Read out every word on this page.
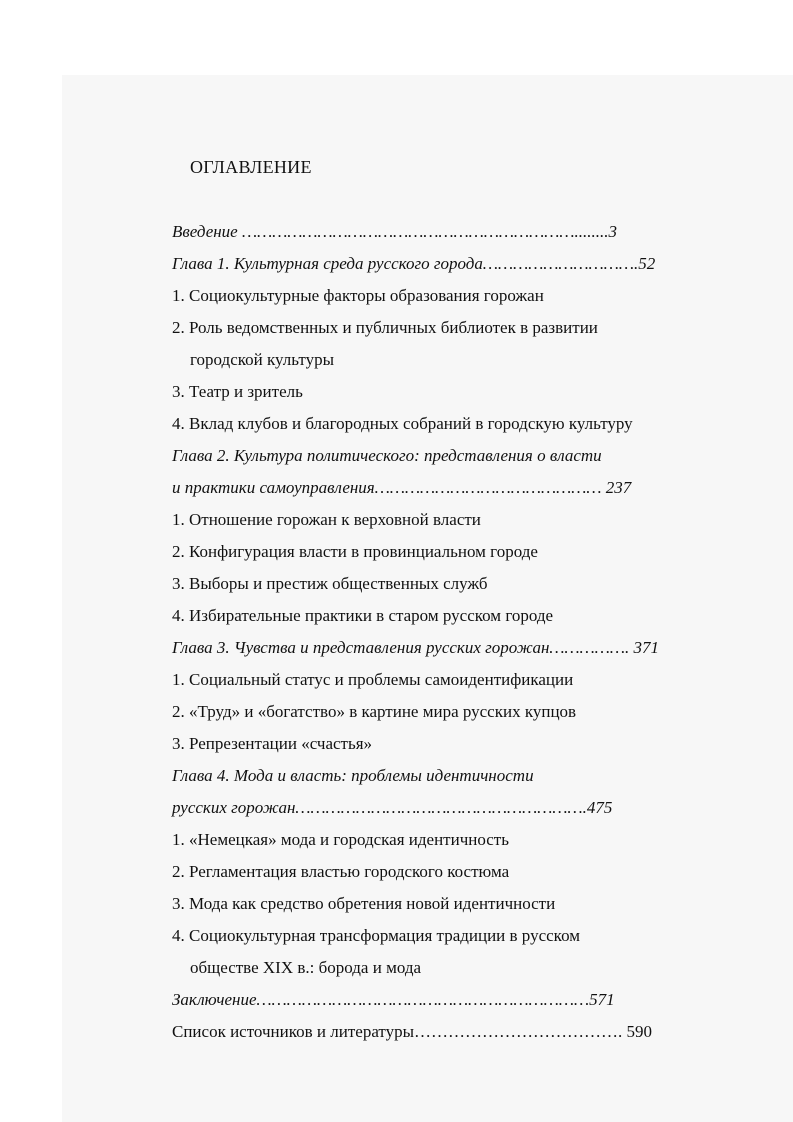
ОГЛАВЛЕНИЕ
Введение …………………………………………………………........3
Глава 1. Культурная среда русского города………………………….52
1. Социокультурные факторы образования горожан
2. Роль ведомственных и публичных библиотек в развитии
городской культуры
3. Театр и зритель
4. Вклад клубов и благородных собраний в городскую культуру
Глава 2. Культура политического: представления о власти
и практики самоуправления……………………………………… 237
1. Отношение горожан к верховной власти
2. Конфигурация власти в провинциальном городе
3. Выборы и престиж общественных служб
4. Избирательные практики в старом русском городе
Глава 3. Чувства и представления русских горожан……………. 371
1. Социальный статус и проблемы самоидентификации
2. «Труд» и «богатство» в картине мира русских купцов
3. Репрезентации «счастья»
Глава 4. Мода и власть: проблемы идентичности
русских горожан………………………………………………….475
1. «Немецкая» мода и городская идентичность
2. Регламентация властью городского костюма
3. Мода как средство обретения новой идентичности
4. Социокультурная трансформация традиции в русском
обществе XIX в.: борода и мода
Заключение…………………………………………………………571
Список источников и литературы………………………………. 590
